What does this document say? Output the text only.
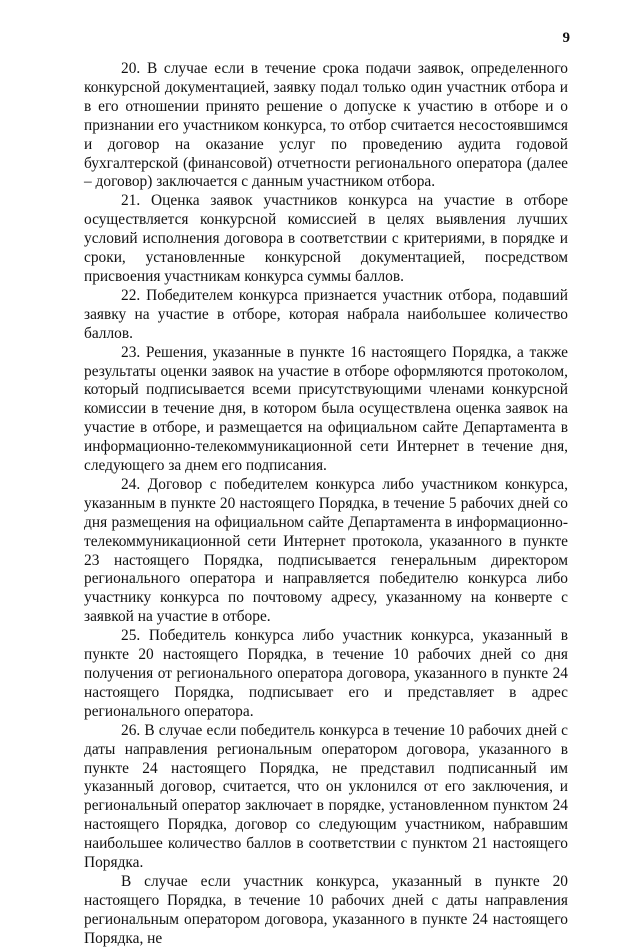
9

20. В случае если в течение срока подачи заявок, определенного конкурсной документацией, заявку подал только один участник отбора и в его отношении принято решение о допуске к участию в отборе и о признании его участником конкурса, то отбор считается несостоявшимся и договор на оказание услуг по проведению аудита годовой бухгалтерской (финансовой) отчетности регионального оператора (далее – договор) заключается с данным участником отбора.

21. Оценка заявок участников конкурса на участие в отборе осуществляется конкурсной комиссией в целях выявления лучших условий исполнения договора в соответствии с критериями, в порядке и сроки, установленные конкурсной документацией, посредством присвоения участникам конкурса суммы баллов.

22. Победителем конкурса признается участник отбора, подавший заявку на участие в отборе, которая набрала наибольшее количество баллов.

23. Решения, указанные в пункте 16 настоящего Порядка, а также результаты оценки заявок на участие в отборе оформляются протоколом, который подписывается всеми присутствующими членами конкурсной комиссии в течение дня, в котором была осуществлена оценка заявок на участие в отборе, и размещается на официальном сайте Департамента в информационно-телекоммуникационной сети Интернет в течение дня, следующего за днем его подписания.

24. Договор с победителем конкурса либо участником конкурса, указанным в пункте 20 настоящего Порядка, в течение 5 рабочих дней со дня размещения на официальном сайте Департамента в информационно-телекоммуникационной сети Интернет протокола, указанного в пункте 23 настоящего Порядка, подписывается генеральным директором регионального оператора и направляется победителю конкурса либо участнику конкурса по почтовому адресу, указанному на конверте с заявкой на участие в отборе.

25. Победитель конкурса либо участник конкурса, указанный в пункте 20 настоящего Порядка, в течение 10 рабочих дней со дня получения от регионального оператора договора, указанного в пункте 24 настоящего Порядка, подписывает его и представляет в адрес регионального оператора.

26. В случае если победитель конкурса в течение 10 рабочих дней с даты направления региональным оператором договора, указанного в пункте 24 настоящего Порядка, не представил подписанный им указанный договор, считается, что он уклонился от его заключения, и региональный оператор заключает в порядке, установленном пунктом 24 настоящего Порядка, договор со следующим участником, набравшим наибольшее количество баллов в соответствии с пунктом 21 настоящего Порядка.

В случае если участник конкурса, указанный в пункте 20 настоящего Порядка, в течение 10 рабочих дней с даты направления региональным оператором договора, указанного в пункте 24 настоящего Порядка, не
